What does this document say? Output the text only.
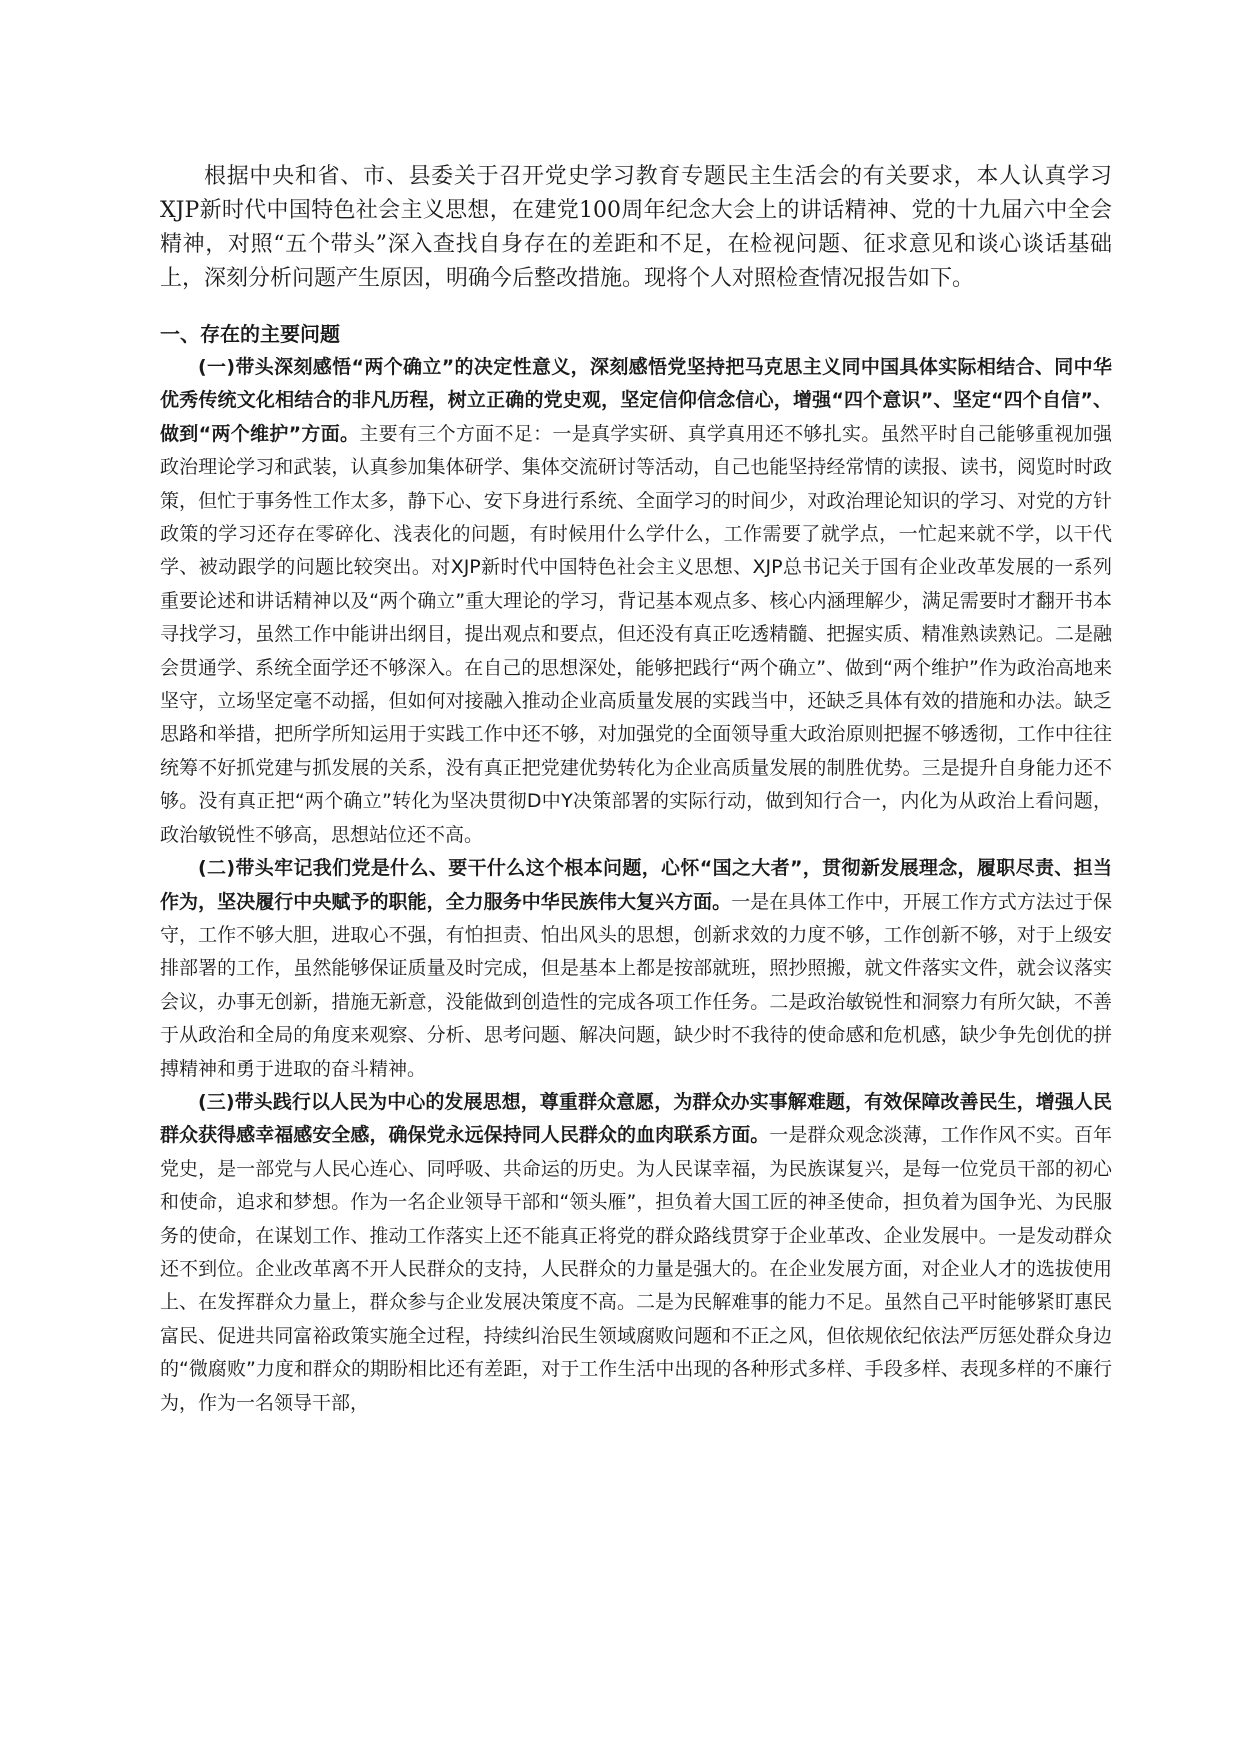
根据中央和省、市、县委关于召开党史学习教育专题民主生活会的有关要求，本人认真学习XJP新时代中国特色社会主义思想，在建党100周年纪念大会上的讲话精神、党的十九届六中全会精神，对照“五个带头”深入查找自身存在的差距和不足，在检视问题、征求意见和谈心谈话基础上，深刻分析问题产生原因，明确今后整改措施。现将个人对照检查情况报告如下。

一、存在的主要问题

(一)带头深刻感悟“两个确立”的决定性意义，深刻感悟党坚持把马克思主义同中国具体实际相结合、同中华优秀传统文化相结合的非凡历程，树立正确的党史观，坚定信仰信念信心，增强“四个意识”、坚定“四个自信”、做到“两个维护”方面。主要有三个方面不足：一是真学实研、真学真用还不够扎实。虽然平时自己能够重视加强政治理论学习和武装，认真参加集体研学、集体交流研讨等活动，自己也能坚持经常情的读报、读书，阅览时时政策，但忙于事务性工作太多，静下心、安下身进行系统、全面学习的时间少，对政治理论知识的学习、对党的方针政策的学习还存在零碎化、浅表化的问题，有时候用什么学什么，工作需要了就学点，一忙起来就不学，以干代学、被动跟学的问题比较突出。对XJP新时代中国特色社会主义思想、XJP总书记关于国有企业改革发展的一系列重要论述和讲话精神以及“两个确立”重大理论的学习，背记基本观点多、核心内涵理解少，满足需要时才翻开书本寻找学习，虽然工作中能讲出纲目，提出观点和要点，但还没有真正吃透精髓、把握实质、精准熟读熟记。二是融会贯通学、系统全面学还不够深入。在自己的思想深处，能够把践行“两个确立”、做到“两个维护”作为政治高地来坚守，立场坚定毫不动摇，但如何对接融入推动企业高质量发展的实践当中，还缺乏具体有效的措施和办法。缺乏思路和举措，把所学所知运用于实践工作中还不够，对加强党的全面领导重大政治原则把握不够透彻，工作中往往统筹不好抓党建与抓发展的关系，没有真正把党建优势转化为企业高质量发展的制胜优势。三是提升自身能力还不够。没有真正把“两个确立”转化为坚决贯彻D中Y决策部署的实际行动，做到知行合一，内化为从政治上看问题，政治敏锐性不够高，思想站位还不高。

(二)带头牢记我们党是什么、要干什么这个根本问题，心怀“国之大者”，贯彻新发展理念，履职尽责、担当作为，坚决履行中央赋予的职能，全力服务中华民族伟大复兴方面。一是在具体工作中，开展工作方式方法过于保守，工作不够大胆，进取心不强，有怕担责、怕出风头的思想，创新求效的力度不够，工作创新不够，对于上级安排部署的工作，虽然能够保证质量及时完成，但是基本上都是按部就班，照抄照搬，就文件落实文件，就会议落实会议，办事无创新，措施无新意，没能做到创造性的完成各项工作任务。二是政治敏锐性和洞察力有所欠缺，不善于从政治和全局的角度来观察、分析、思考问题、解决问题，缺少时不我待的使命感和危机感，缺少争先创优的拼搏精神和勇于进取的奋斗精神。

(三)带头践行以人民为中心的发展思想，尊重群众意愿，为群众办实事解难题，有效保障改善民生，增强人民群众获得感幸福感安全感，确保党永远保持同人民群众的血肉联系方面。一是群众观念淡薄，工作作风不实。百年党史，是一部党与人民心连心、同呼吸、共命运的历史。为人民谋幸福，为民族谋复兴，是每一位党员干部的初心和使命，追求和梦想。作为一名企业领导干部和“领头雁”，担负着大国工匠的神圣使命，担负着为国争光、为民服务的使命，在谋划工作、推动工作落实上还不能真正将党的群众路线贯穿于企业革改、企业发展中。一是发动群众还不到位。企业改革离不开人民群众的支持，人民群众的力量是强大的。在企业发展方面，对企业人才的选拔使用上、在发挥群众力量上，群众参与企业发展决策度不高。二是为民解难事的能力不足。虽然自己平时能够紧盯惠民富民、促进共同富裕政策实施全过程，持续纠治民生领域腐败问题和不正之风，但依规依纪依法严厉惩处群众身边的“微腐败”力度和群众的期盼相比还有差距，对于工作生活中出现的各种形式多样、手段多样、表现多样的不廉行为，作为一名领导干部，
